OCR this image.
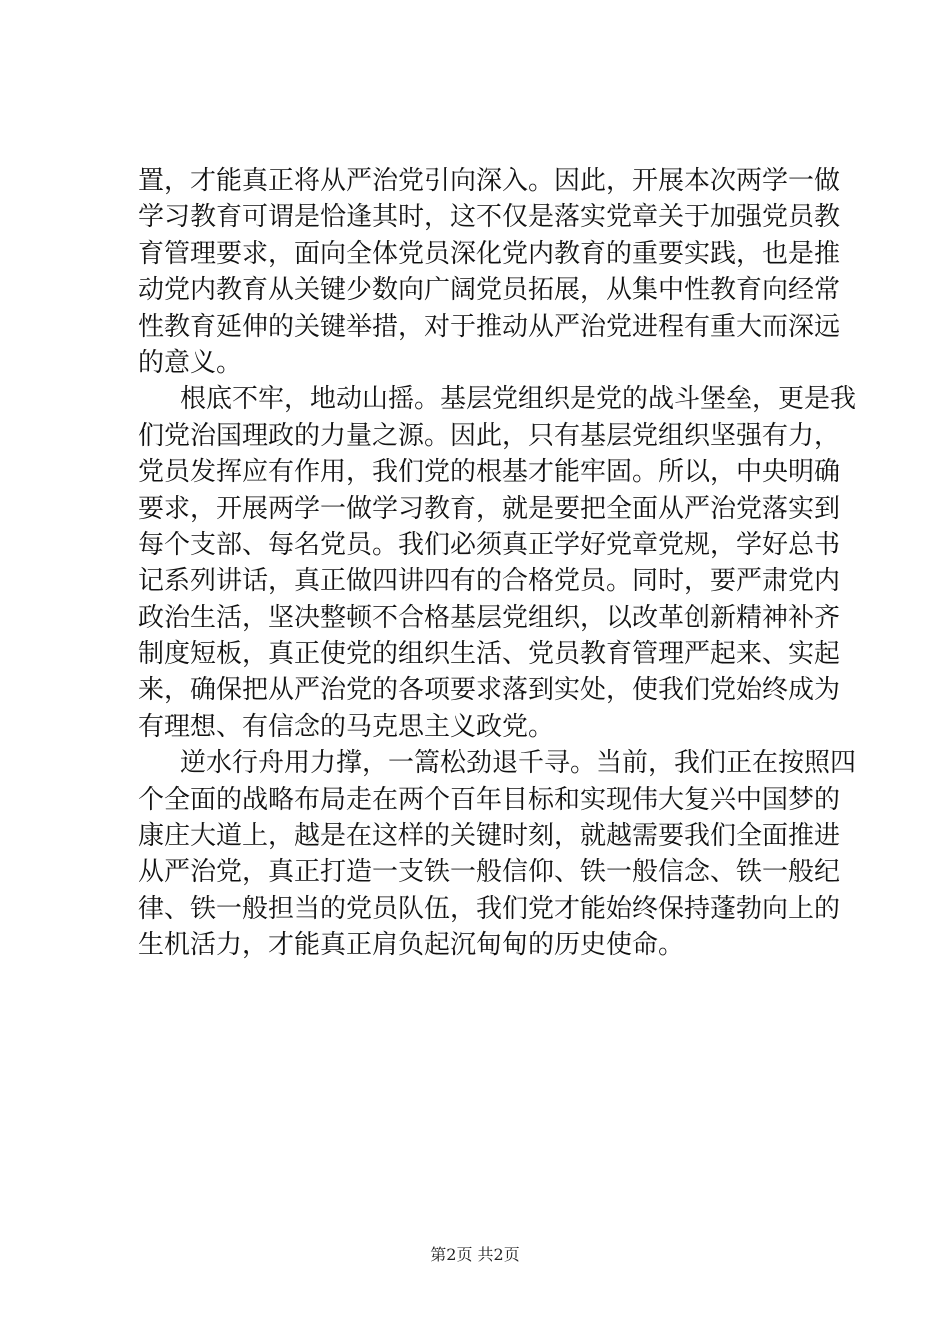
置，才能真正将从严治党引向深入。因此，开展本次两学一做
学习教育可谓是恰逢其时，这不仅是落实党章关于加强党员教
育管理要求，面向全体党员深化党内教育的重要实践，也是推
动党内教育从关键少数向广阔党员拓展，从集中性教育向经常
性教育延伸的关键举措，对于推动从严治党进程有重大而深远
的意义。
根底不牢，地动山摇。基层党组织是党的战斗堡垒，更是我
们党治国理政的力量之源。因此，只有基层党组织坚强有力，
党员发挥应有作用，我们党的根基才能牢固。所以，中央明确
要求，开展两学一做学习教育，就是要把全面从严治党落实到
每个支部、每名党员。我们必须真正学好党章党规，学好总书
记系列讲话，真正做四讲四有的合格党员。同时，要严肃党内
政治生活，坚决整顿不合格基层党组织，以改革创新精神补齐
制度短板，真正使党的组织生活、党员教育管理严起来、实起
来，确保把从严治党的各项要求落到实处，使我们党始终成为
有理想、有信念的马克思主义政党。
逆水行舟用力撑，一篙松劲退千寻。当前，我们正在按照四
个全面的战略布局走在两个百年目标和实现伟大复兴中国梦的
康庄大道上，越是在这样的关键时刻，就越需要我们全面推进
从严治党，真正打造一支铁一般信仰、铁一般信念、铁一般纪
律、铁一般担当的党员队伍，我们党才能始终保持蓬勃向上的
生机活力，才能真正肩负起沉甸甸的历史使命。
第2页 共2页
